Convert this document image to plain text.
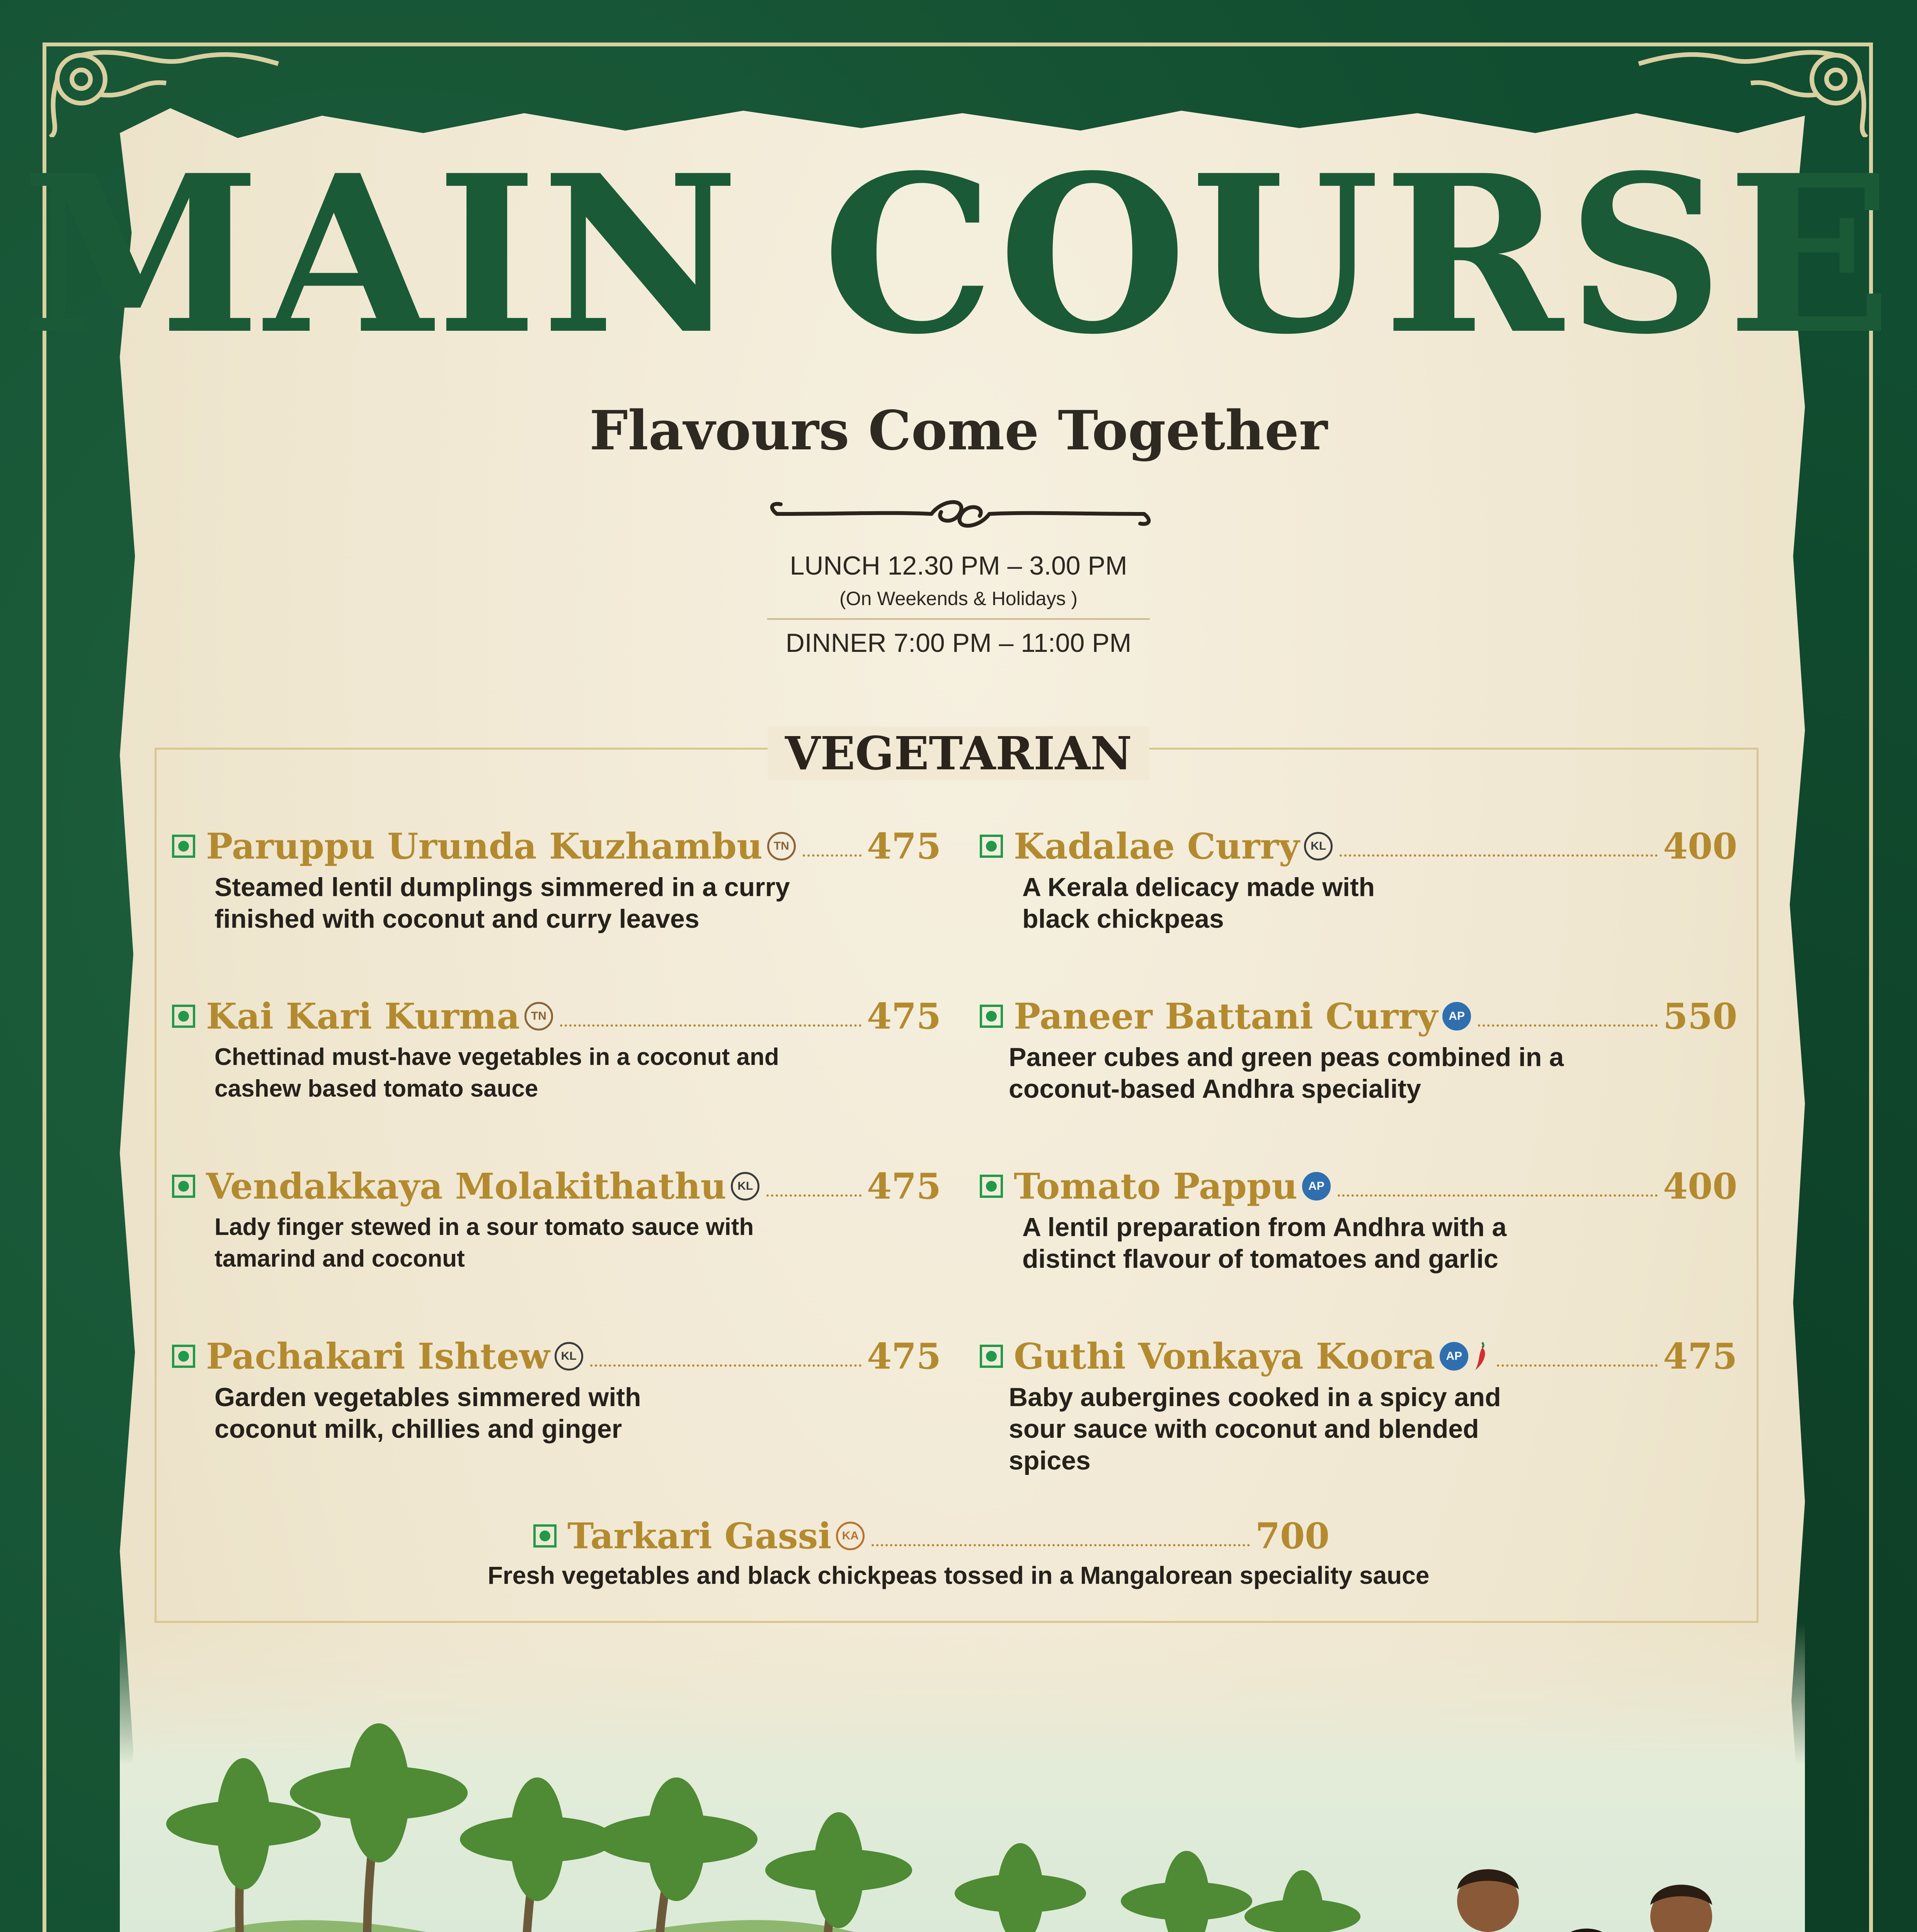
MAIN COURSE
Flavours Come Together
LUNCH 12.30 PM – 3.00 PM
(On Weekends & Holidays )
DINNER 7:00 PM – 11:00 PM
VEGETARIAN
Paruppu Urunda Kuzhambu TN 475
Steamed lentil dumplings simmered in a curry finished with coconut and curry leaves
Kadalae Curry KL	400
A Kerala delicacy made with black chickpeas
Kai Kari Kurma TN	475
Chettinad must-have vegetables in a coconut and cashew based tomato sauce
Paneer Battani Curry AP	550
Paneer cubes and green peas combined in a coconut-based Andhra speciality
Vendakkaya Molakithathu KL	475
Lady finger stewed in a sour tomato sauce with tamarind and coconut
Tomato Pappu AP	400
A lentil preparation from Andhra with a distinct flavour of tomatoes and garlic
Pachakari Ishtew KL	475
Garden vegetables simmered with coconut milk, chillies and ginger
Guthi Vonkaya Koora AP	475
Baby aubergines cooked in a spicy and sour sauce with coconut and blended spices
Tarkari Gassi KA	700
Fresh vegetables and black chickpeas tossed in a Mangalorean speciality sauce
